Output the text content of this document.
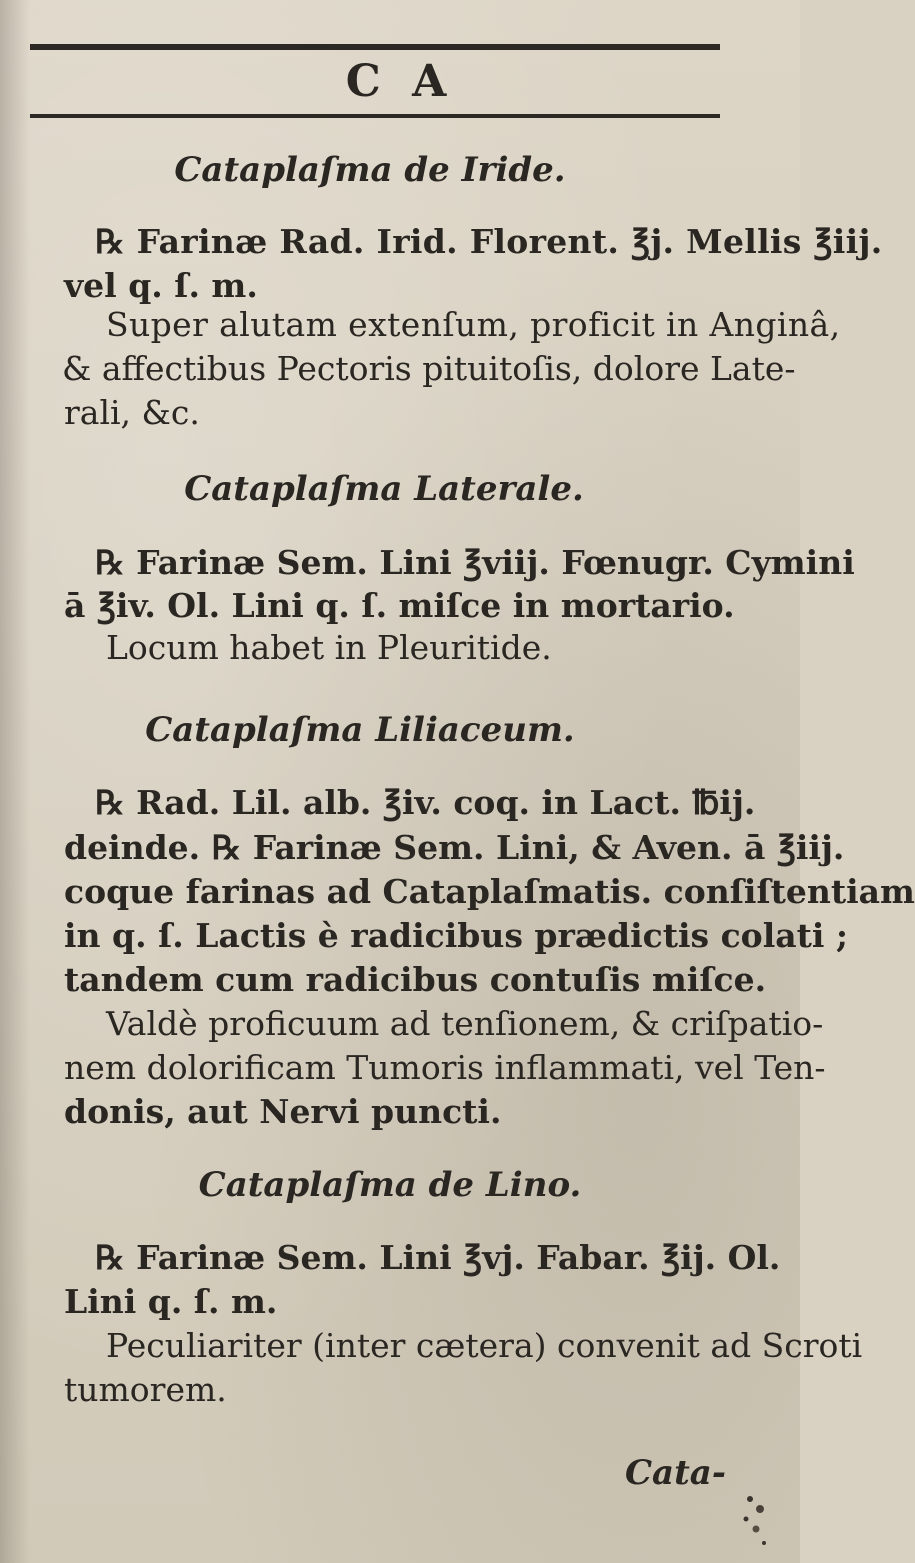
C A
Cataplaſma de Iride.
℞ Farinæ Rad. Irid. Florent. ℥j. Mellis ℥iij.
vel q. ſ. m.
Super alutam extenſum, proficit in Anginâ,
& affectibus Pectoris pituitoſis, dolore Late-
rali, &c.
Cataplaſma Laterale.
℞ Farinæ Sem. Lini ℥viij. Fœnugr. Cymini
ā ℥iv. Ol. Lini q. ſ. miſce in mortario.
Locum habet in Pleuritide.
Cataplaſma Liliaceum.
℞ Rad. Lil. alb. ℥iv. coq. in Lact. ℔ij.
deinde. ℞ Farinæ Sem. Lini, & Aven. ā ℥iij.
coque farinas ad Cataplaſmatis. conſiſtentiam
in q. ſ. Lactis è radicibus prædictis colati ;
tandem cum radicibus contuſis miſce.
Valdè proficuum ad tenſionem, & criſpatio-
nem dolorificam Tumoris inflammati, vel Ten-
donis, aut Nervi puncti.
Cataplaſma de Lino.
℞ Farinæ Sem. Lini ℥vj. Fabar. ℥ij. Ol.
Lini q. ſ. m.
Peculiariter (inter cætera) convenit ad Scroti
tumorem.
Cata-
